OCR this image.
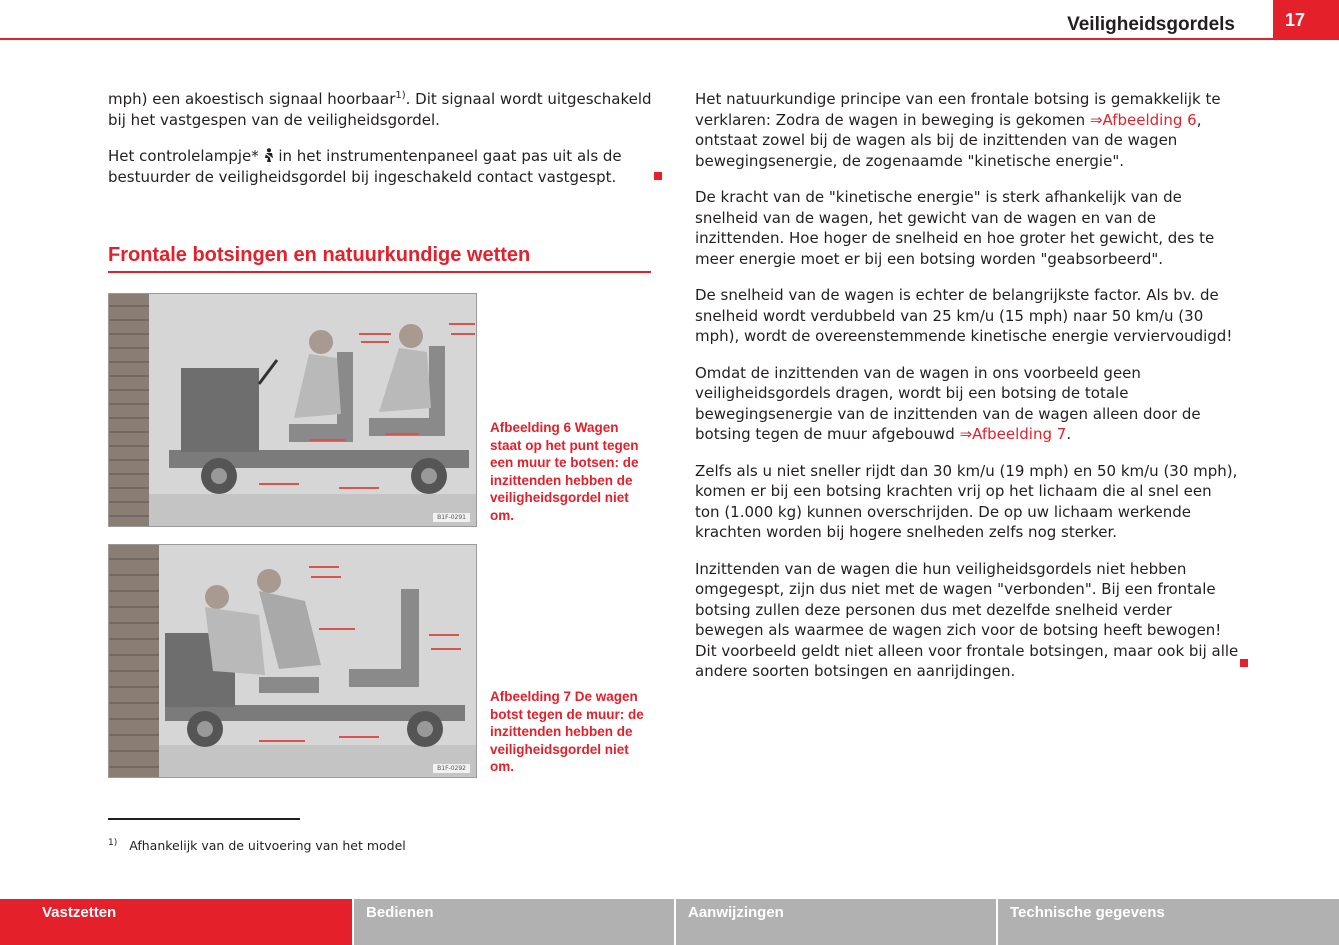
Veiligheidsgordels	17

mph) een akoestisch signaal hoorbaar$^{1)}$. Dit signaal wordt uitgeschakeld bij het vastgespen van de veiligheidsgordel.

Het controlelampje*  in het instrumentenpaneel gaat pas uit als de bestuurder de veiligheidsgordel bij ingeschakeld contact vastgespt.

Frontale botsingen en natuurkundige wetten
B1F-0291
Afbeelding 6 Wagen staat op het punt tegen een muur te botsen: de inzittenden hebben de veiligheidsgordel niet om.
B1F-0292
Afbeelding 7 De wagen botst tegen de muur: de inzittenden hebben de veiligheidsgordel niet om.

Het natuurkundige principe van een frontale botsing is gemakkelijk te verklaren: Zodra de wagen in beweging is gekomen ⇒Afbeelding 6, ontstaat zowel bij de wagen als bij de inzittenden van de wagen bewegingsenergie, de zogenaamde "kinetische energie".

De kracht van de "kinetische energie" is sterk afhankelijk van de snelheid van de wagen, het gewicht van de wagen en van de inzittenden. Hoe hoger de snelheid en hoe groter het gewicht, des te meer energie moet er bij een botsing worden "geabsorbeerd".

De snelheid van de wagen is echter de belangrijkste factor. Als bv. de snelheid wordt verdubbeld van 25 km/u (15 mph) naar 50 km/u (30 mph), wordt de overeenstemmende kinetische energie verviervoudigd!

Omdat de inzittenden van de wagen in ons voorbeeld geen veiligheidsgordels dragen, wordt bij een botsing de totale bewegingsenergie van de inzittenden van de wagen alleen door de botsing tegen de muur afgebouwd ⇒Afbeelding 7.

Zelfs als u niet sneller rijdt dan 30 km/u (19 mph) en 50 km/u (30 mph), komen er bij een botsing krachten vrij op het lichaam die al snel een ton (1.000 kg) kunnen overschrijden. De op uw lichaam werkende krachten worden bij hogere snelheden zelfs nog sterker.

Inzittenden van de wagen die hun veiligheidsgordels niet hebben omgegespt, zijn dus niet met de wagen "verbonden". Bij een frontale botsing zullen deze personen dus met dezelfde snelheid verder bewegen als waarmee de wagen zich voor de botsing heeft bewogen! Dit voorbeeld geldt niet alleen voor frontale botsingen, maar ook bij alle andere soorten botsingen en aanrijdingen.

$^{1)}$ Afhankelijk van de uitvoering van het model
Vastzetten	Bedienen	Aanwijzingen	Technische gegevens
